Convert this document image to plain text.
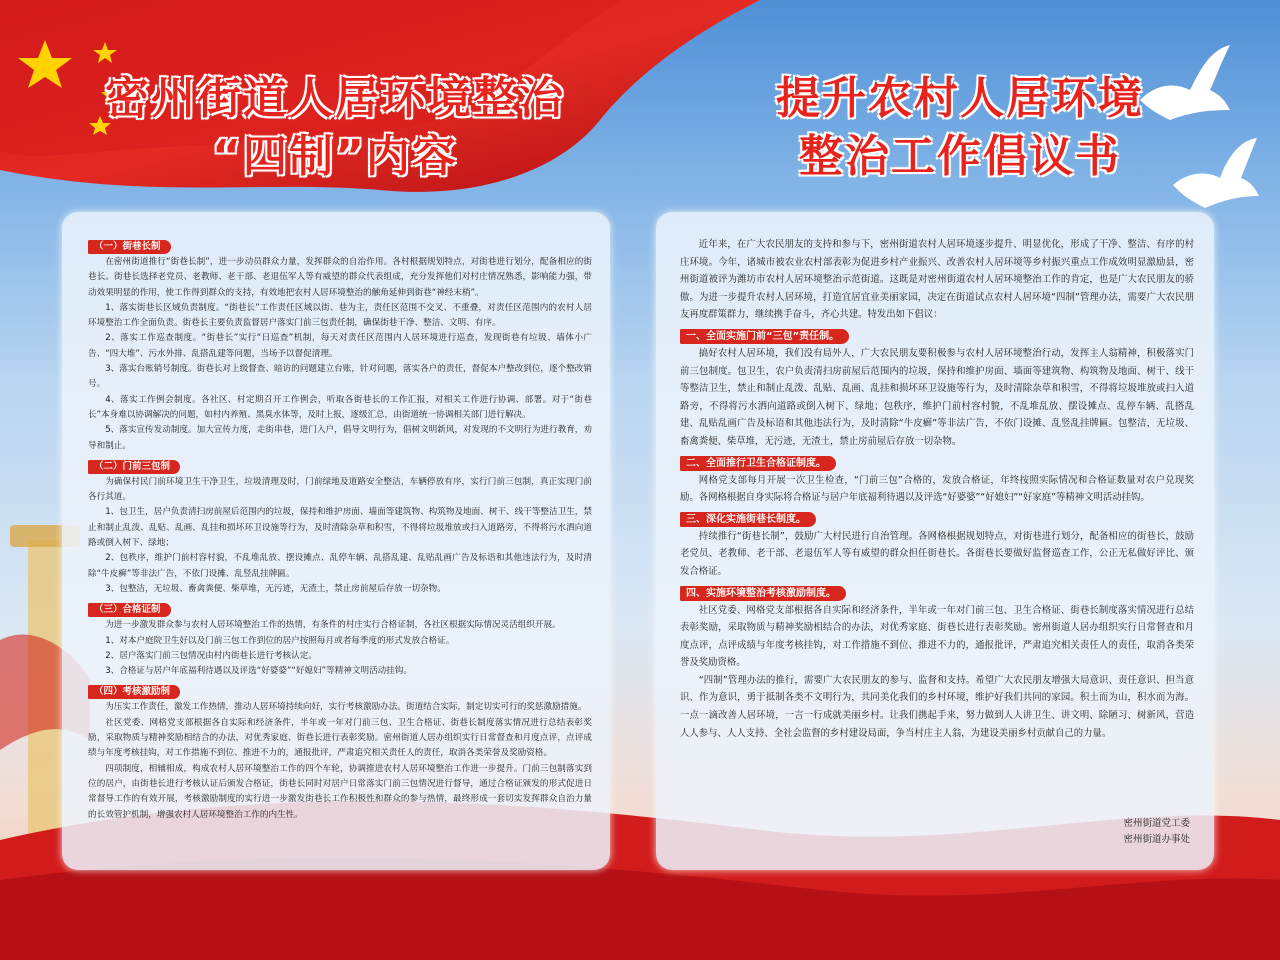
密州街道人居环境整治
“四制”内容
提升农村人居环境
整治工作倡议书
（一）街巷长制

在密州街道推行“街巷长制”，进一步动员群众力量，发挥群众的自治作用。各村根据规划特点，对街巷进行划分，配备相应的街巷长。街巷长选择老党员、老教师、老干部、老退伍军人等有威望的群众代表组成，充分发挥他们对村庄情况熟悉，影响能力强，带动效果明显的作用，使工作得到群众的支持，有效地把农村人居环境整治的触角延伸到街巷“神经末梢”。

1、落实街巷长区域负责制度。“街巷长”工作责任区域以街、巷为主，责任区范围不交叉、不重叠，对责任区范围内的农村人居环境整治工作全面负责。街巷长主要负责监督居户落实门前三包责任制，确保街巷干净、整洁、文明、有序。

2、落实工作巡查制度。“街巷长”实行“日巡查”机制，每天对责任区范围内人居环境进行巡查，发现街巷有垃圾、墙体小广告、“四大堆”、污水外排、乱搭乱建等问题，当场予以督促清理。

3、落实台账销号制度。街巷长对上级督查、暗访的问题建立台账，针对问题，落实各户的责任，督促本户整改到位，逐个整改销号。

4、落实工作例会制度。各社区、村定期召开工作例会，听取各街巷长的工作汇报，对相关工作进行协调、部署。对于“街巷长”本身难以协调解决的问题，如村内养殖、黑臭水体等，及时上报，逐级汇总，由街道统一协调相关部门进行解决。

5、落实宣传发动制度。加大宣传力度，走街串巷，进门入户，倡导文明行为，倡树文明新风，对发现的不文明行为进行教育，劝导和制止。

（二）门前三包制

为确保村民门前环境卫生干净卫生，垃圾清理及时，门前绿地及道路安全整洁，车辆停放有序，实行门前三包制，真正实现门前各行其道。

1、包卫生，居户负责清扫房前屋后范围内的垃圾，保持和维护房面、墙面等建筑物、构筑物及地面、树干、线干等整洁卫生，禁止和制止乱泼、乱贴、乱画、乱挂和损坏环卫设施等行为，及时清除杂草和积雪，不得将垃圾堆放或扫入道路旁，不得将污水洒向道路或倒入树下、绿地；

2、包秩序，维护门前村容村貌，不乱堆乱放、摆设摊点、乱停车辆、乱搭乱建、乱贴乱画广告及标语和其他违法行为，及时清除“牛皮癣”等非法广告，不依门设摊、乱竖乱挂牌匾。

3、包整洁，无垃圾、畜禽粪便、柴草堆，无污迹，无渣土，禁止房前屋后存放一切杂物。

（三）合格证制

为进一步激发群众参与农村人居环境整治工作的热情，有条件的村庄实行合格证制，各社区根据实际情况灵活组织开展。

1、对本户庭院卫生好以及门前三包工作到位的居户按照每月或者每季度的形式发放合格证。

2、居户落实门前三包情况由村内街巷长进行考核认定。

3、合格证与居户年底福利待遇以及评选“好婆婆”“好媳妇”等精神文明活动挂钩。

（四）考核激励制

为压实工作责任，激发工作热情，推动人居环境持续向好，实行考核激励办法。街道结合实际，制定切实可行的奖惩激励措施。

社区党委、网格党支部根据各自实际和经济条件，半年或一年对门前三包、卫生合格证、街巷长制度落实情况进行总结表彰奖励，采取物质与精神奖励相结合的办法，对优秀家庭、街巷长进行表彰奖励。密州街道人居办组织实行日常督查和月度点评，点评成绩与年度考核挂钩，对工作措施不到位、推进不力的，通报批评，严肃追究相关责任人的责任，取消各类荣誉及奖励资格。

四项制度，相辅相成，构成农村人居环境整治工作的四个车轮，协调推进农村人居环境整治工作进一步提升。门前三包制落实到位的居户，由街巷长进行考核认证后颁发合格证，街巷长同时对居户日常落实门前三包情况进行督导，通过合格证颁发的形式促进日常督导工作的有效开展，考核激励制度的实行进一步激发街巷长工作积极性和群众的参与热情，最终形成一套切实发挥群众自治力量的长效管护机制，增强农村人居环境整治工作的内生性。

近年来，在广大农民朋友的支持和参与下，密州街道农村人居环境逐步提升、明显优化，形成了干净、整洁、有序的村庄环境。今年，诸城市被农业农村部表彰为促进乡村产业振兴、改善农村人居环境等乡村振兴重点工作成效明显激励县，密州街道被评为潍坊市农村人居环境整治示范街道。这既是对密州街道农村人居环境整治工作的肯定，也是广大农民朋友的骄傲。为进一步提升农村人居环境，打造宜居宜业美丽家园，决定在街道试点农村人居环境“四制”管理办法，需要广大农民朋友再度群策群力，继续携手奋斗，齐心共建。特发出如下倡议：

一、全面实施门前“三包”责任制。

搞好农村人居环境，我们没有局外人，广大农民朋友要积极参与农村人居环境整治行动，发挥主人翁精神，积极落实门前三包制度。包卫生，农户负责清扫房前屋后范围内的垃圾，保持和维护房面、墙面等建筑物、构筑物及地面、树干、线干等整洁卫生，禁止和制止乱泼、乱贴、乱画、乱挂和损坏环卫设施等行为，及时清除杂草和积雪，不得将垃圾堆放或扫入道路旁，不得将污水洒向道路或倒入树下、绿地；包秩序，维护门前村容村貌，不乱堆乱放、摆设摊点、乱停车辆、乱搭乱建、乱贴乱画广告及标语和其他违法行为，及时清除“牛皮癣”等非法广告，不依门设摊、乱竖乱挂牌匾。包整洁，无垃圾、畜禽粪便、柴草堆，无污迹，无渣土，禁止房前屋后存放一切杂物。

二、全面推行卫生合格证制度。

网格党支部每月开展一次卫生检查，“门前三包”合格的，发放合格证，年终按照实际情况和合格证数量对农户兑现奖励。各网格根据自身实际将合格证与居户年底福利待遇以及评选“好婆婆”“好媳妇”“好家庭”等精神文明活动挂钩。

三、深化实施街巷长制度。

持续推行“街巷长制”，鼓励广大村民进行自治管理。各网格根据规划特点，对街巷进行划分，配备相应的街巷长，鼓励老党员、老教师、老干部、老退伍军人等有威望的群众担任街巷长。各街巷长要做好监督巡查工作，公正无私做好评比、颁发合格证。

四、实施环境整治考核激励制度。

社区党委、网格党支部根据各自实际和经济条件，半年或一年对门前三包、卫生合格证、街巷长制度落实情况进行总结表彰奖励，采取物质与精神奖励相结合的办法，对优秀家庭、街巷长进行表彰奖励。密州街道人居办组织实行日常督查和月度点评，点评成绩与年度考核挂钩，对工作措施不到位、推进不力的，通报批评，严肃追究相关责任人的责任，取消各类荣誉及奖励资格。

“四制”管理办法的推行，需要广大农民朋友的参与、监督和支持。希望广大农民朋友增强大局意识、责任意识、担当意识、作为意识，勇于抵制各类不文明行为，共同美化我们的乡村环境，维护好我们共同的家园。积土而为山，积水而为海。一点一滴改善人居环境，一言一行成就美丽乡村。让我们携起手来，努力做到人人讲卫生、讲文明、除陋习、树新风，营造人人参与、人人支持、全社会监督的乡村建设局面，争当村庄主人翁，为建设美丽乡村贡献自己的力量。

密州街道党工委
密州街道办事处
